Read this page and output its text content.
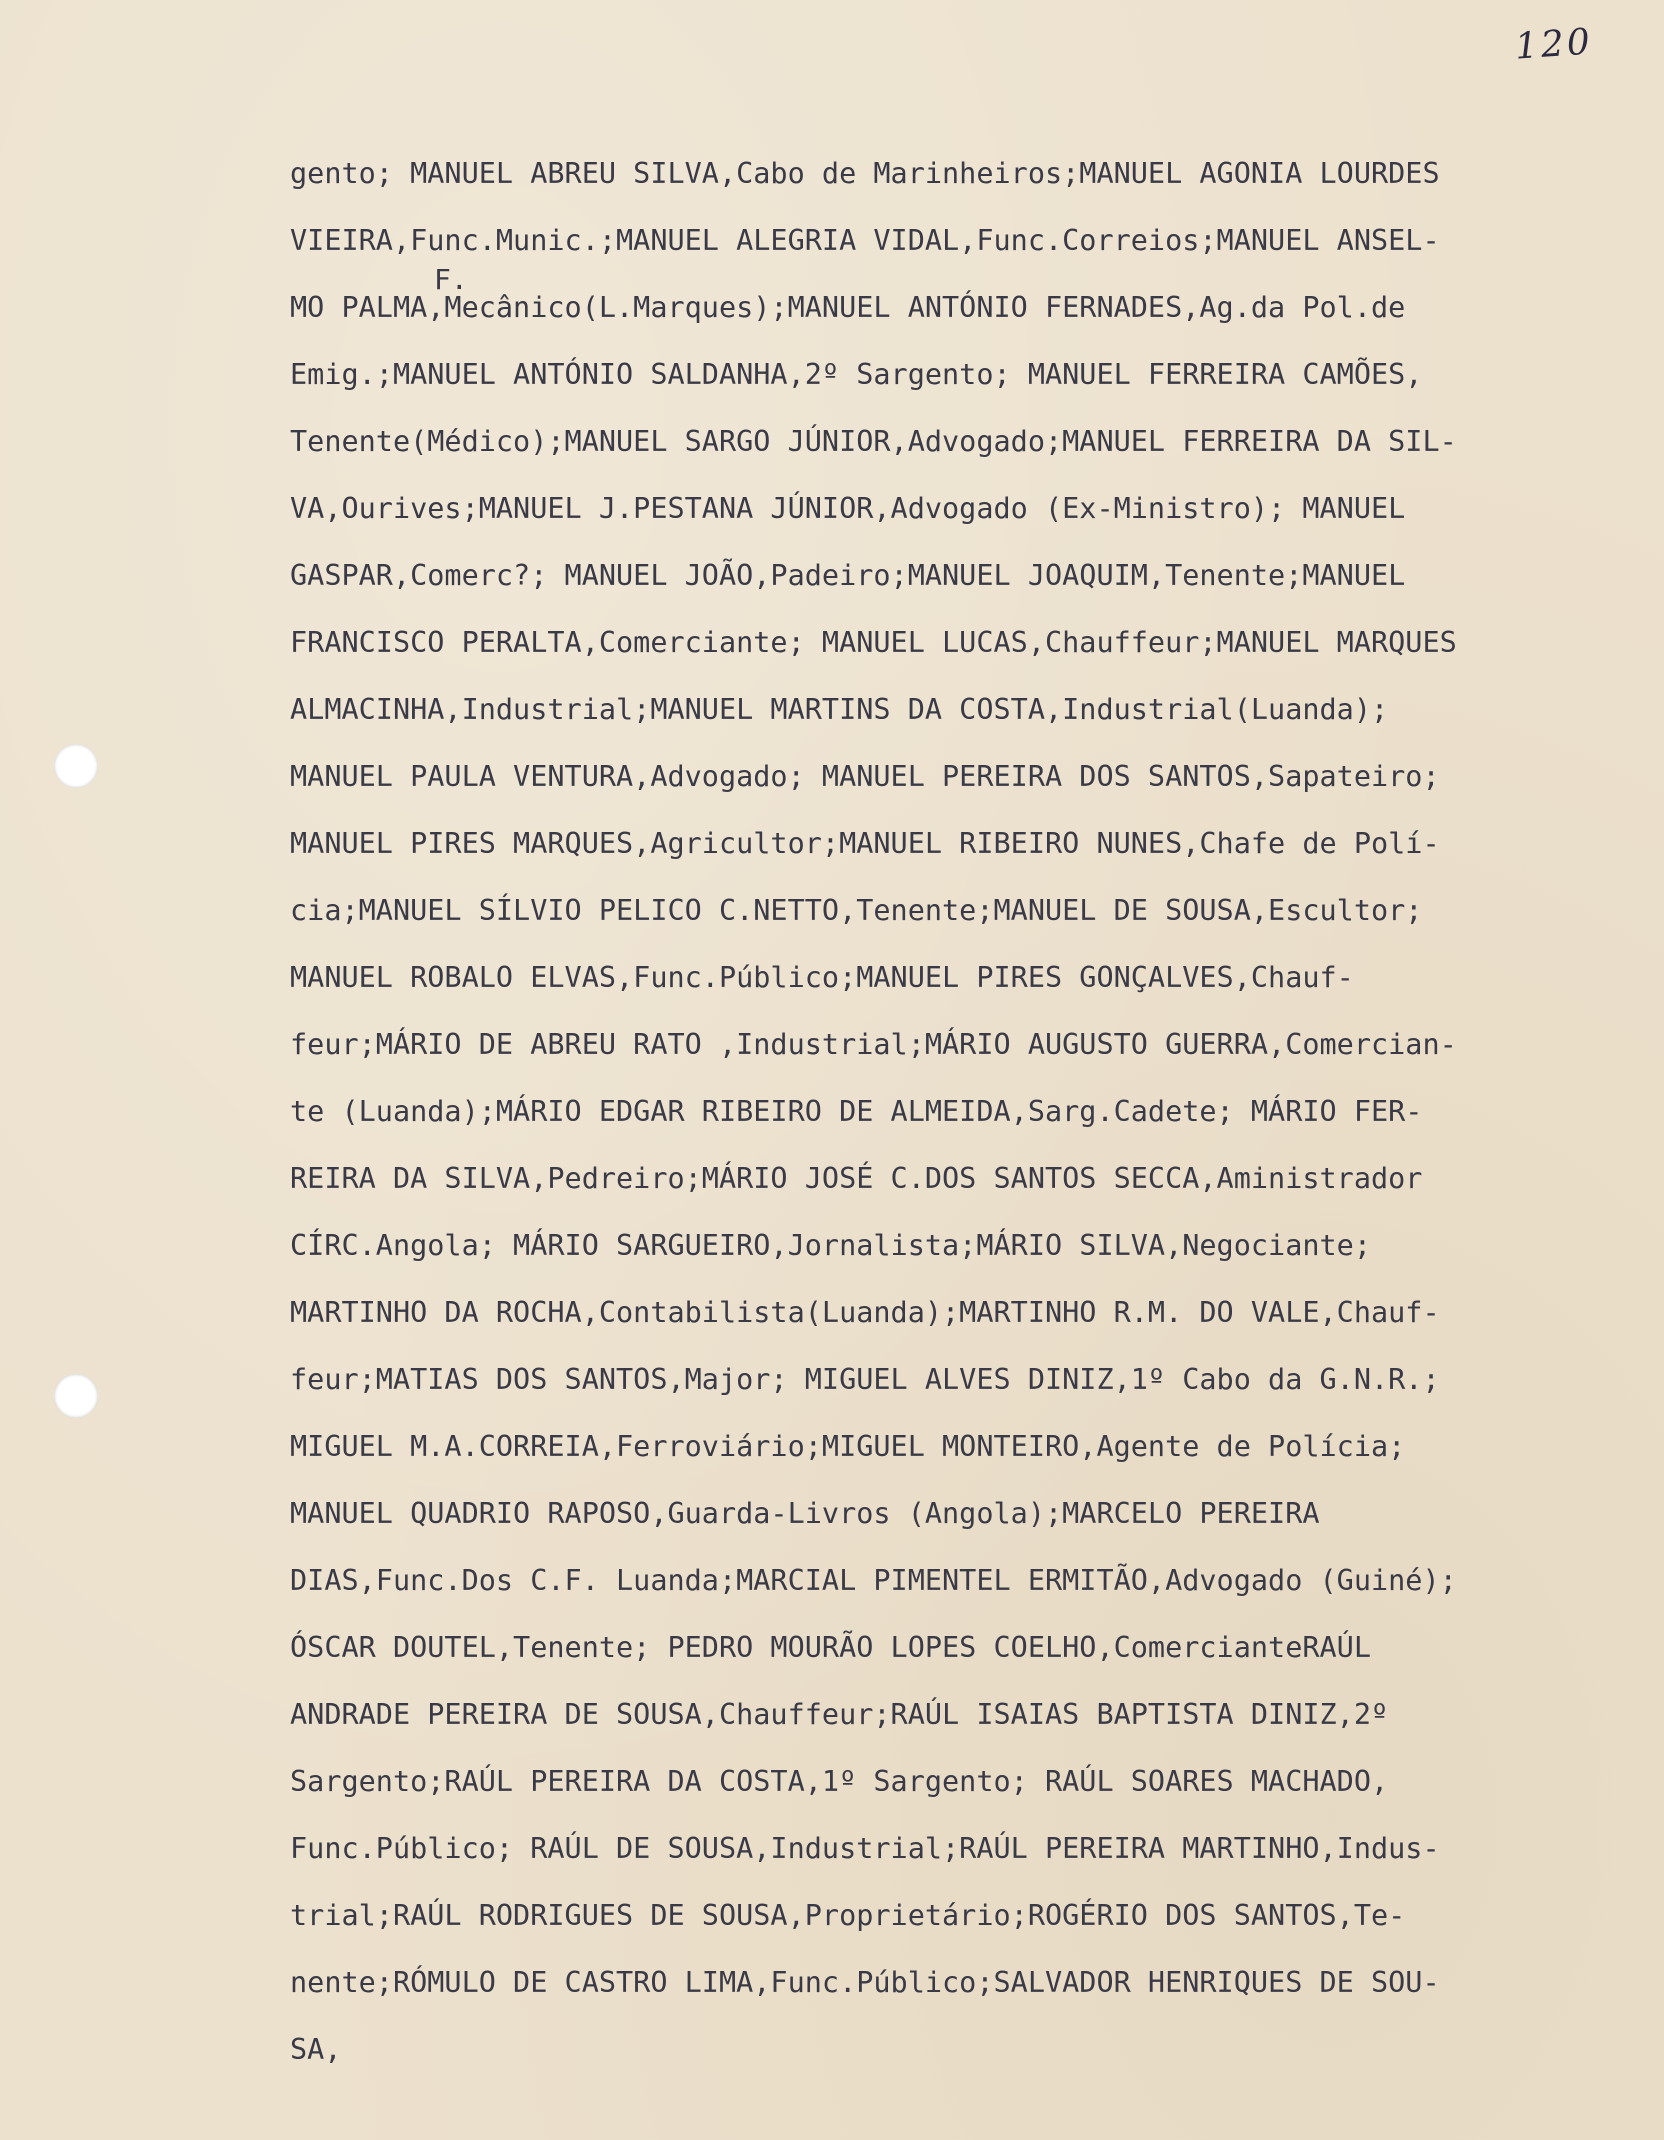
120
F.
gento; MANUEL ABREU SILVA,Cabo de Marinheiros;MANUEL AGONIA LOURDES
VIEIRA,Func.Munic.;MANUEL ALEGRIA VIDAL,Func.Correios;MANUEL ANSEL-
MO PALMA,Mecânico(L.Marques);MANUEL ANTÓNIO FERNADES,Ag.da Pol.de
Emig.;MANUEL ANTÓNIO SALDANHA,2º Sargento; MANUEL FERREIRA CAMÕES,
Tenente(Médico);MANUEL SARGO JÚNIOR,Advogado;MANUEL FERREIRA DA SIL-
VA,Ourives;MANUEL J.PESTANA JÚNIOR,Advogado (Ex-Ministro); MANUEL
GASPAR,Comerc?; MANUEL JOÃO,Padeiro;MANUEL JOAQUIM,Tenente;MANUEL
FRANCISCO PERALTA,Comerciante; MANUEL LUCAS,Chauffeur;MANUEL MARQUES
ALMACINHA,Industrial;MANUEL MARTINS DA COSTA,Industrial(Luanda);
MANUEL PAULA VENTURA,Advogado; MANUEL PEREIRA DOS SANTOS,Sapateiro;
MANUEL PIRES MARQUES,Agricultor;MANUEL RIBEIRO NUNES,Chafe de Polí-
cia;MANUEL SÍLVIO PELICO C.NETTO,Tenente;MANUEL DE SOUSA,Escultor;
MANUEL ROBALO ELVAS,Func.Público;MANUEL PIRES GONÇALVES,Chauf-
feur;MÁRIO DE ABREU RATO ,Industrial;MÁRIO AUGUSTO GUERRA,Comercian-
te (Luanda);MÁRIO EDGAR RIBEIRO DE ALMEIDA,Sarg.Cadete; MÁRIO FER-
REIRA DA SILVA,Pedreiro;MÁRIO JOSÉ C.DOS SANTOS SECCA,Aministrador
CÍRC.Angola; MÁRIO SARGUEIRO,Jornalista;MÁRIO SILVA,Negociante;
MARTINHO DA ROCHA,Contabilista(Luanda);MARTINHO R.M. DO VALE,Chauf-
feur;MATIAS DOS SANTOS,Major; MIGUEL ALVES DINIZ,1º Cabo da G.N.R.;
MIGUEL M.A.CORREIA,Ferroviário;MIGUEL MONTEIRO,Agente de Polícia;
MANUEL QUADRIO RAPOSO,Guarda-Livros (Angola);MARCELO PEREIRA
DIAS,Func.Dos C.F. Luanda;MARCIAL PIMENTEL ERMITÃO,Advogado (Guiné);
ÓSCAR DOUTEL,Tenente; PEDRO MOURÃO LOPES COELHO,ComercianteRAÚL
ANDRADE PEREIRA DE SOUSA,Chauffeur;RAÚL ISAIAS BAPTISTA DINIZ,2º
Sargento;RAÚL PEREIRA DA COSTA,1º Sargento; RAÚL SOARES MACHADO,
Func.Público; RAÚL DE SOUSA,Industrial;RAÚL PEREIRA MARTINHO,Indus-
trial;RAÚL RODRIGUES DE SOUSA,Proprietário;ROGÉRIO DOS SANTOS,Te-
nente;RÓMULO DE CASTRO LIMA,Func.Público;SALVADOR HENRIQUES DE SOU-
SA,
